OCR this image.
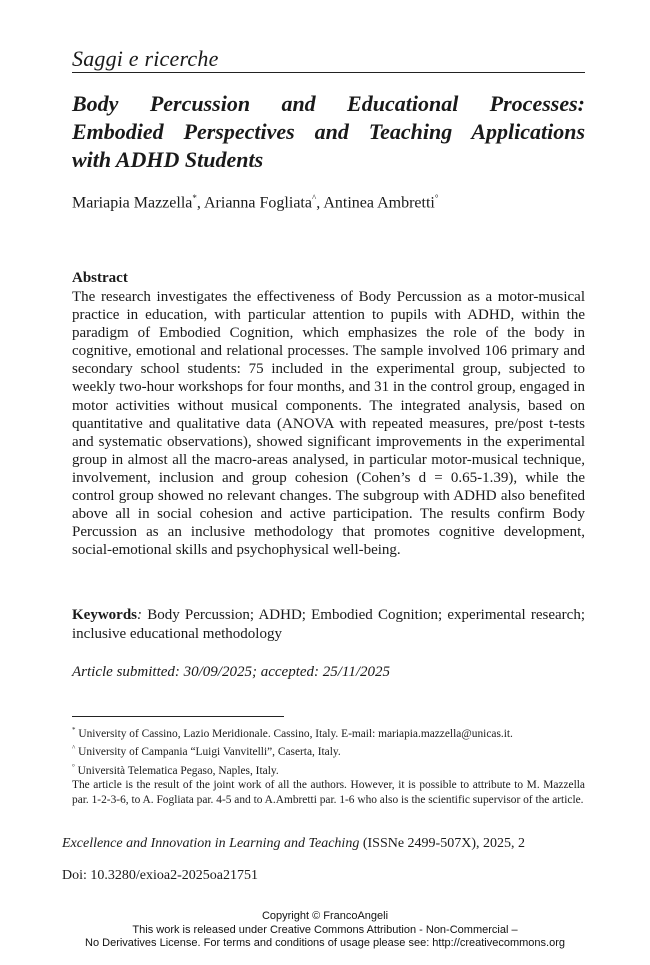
Saggi e ricerche
Body Percussion and Educational Processes:
Embodied Perspectives and Teaching Applications
with ADHD Students
Mariapia Mazzella*, Arianna Fogliata^, Antinea Ambretti°
Abstract
The research investigates the effectiveness of Body Percussion as a motor-musical practice in education, with particular attention to pupils with ADHD, within the paradigm of Embodied Cognition, which emphasizes the role of the body in cognitive, emotional and relational processes. The sample involved 106 primary and secondary school students: 75 included in the experimental group, subjected to weekly two-hour workshops for four months, and 31 in the control group, engaged in motor activities without musical components. The integrated analysis, based on quantitative and qualitative data (ANOVA with repeated measures, pre/post t-tests and systematic observations), showed significant improvements in the experimental group in almost all the macro-areas analysed, in particular motor-musical technique, involvement, inclusion and group cohesion (Cohen’s d = 0.65-1.39), while the control group showed no relevant changes. The subgroup with ADHD also benefited above all in social cohesion and active participation. The results confirm Body Percussion as an inclusive methodology that promotes cognitive development, social-emotional skills and psychophysical well-being.
Keywords: Body Percussion; ADHD; Embodied Cognition; experimental research; inclusive educational methodology
Article submitted: 30/09/2025; accepted: 25/11/2025
* University of Cassino, Lazio Meridionale. Cassino, Italy. E-mail: mariapia.mazzella@unicas.it.
^ University of Campania “Luigi Vanvitelli”, Caserta, Italy.
° Università Telematica Pegaso, Naples, Italy.
The article is the result of the joint work of all the authors. However, it is possible to attribute to M. Mazzella par. 1-2-3-6, to A. Fogliata par. 4-5 and to A.Ambretti par. 1-6 who also is the scientific supervisor of the article.
Excellence and Innovation in Learning and Teaching (ISSNe 2499-507X), 2025, 2
Doi: 10.3280/exioa2-2025oa21751
Copyright © FrancoAngeli
This work is released under Creative Commons Attribution - Non-Commercial –
No Derivatives License. For terms and conditions of usage please see: http://creativecommons.org
